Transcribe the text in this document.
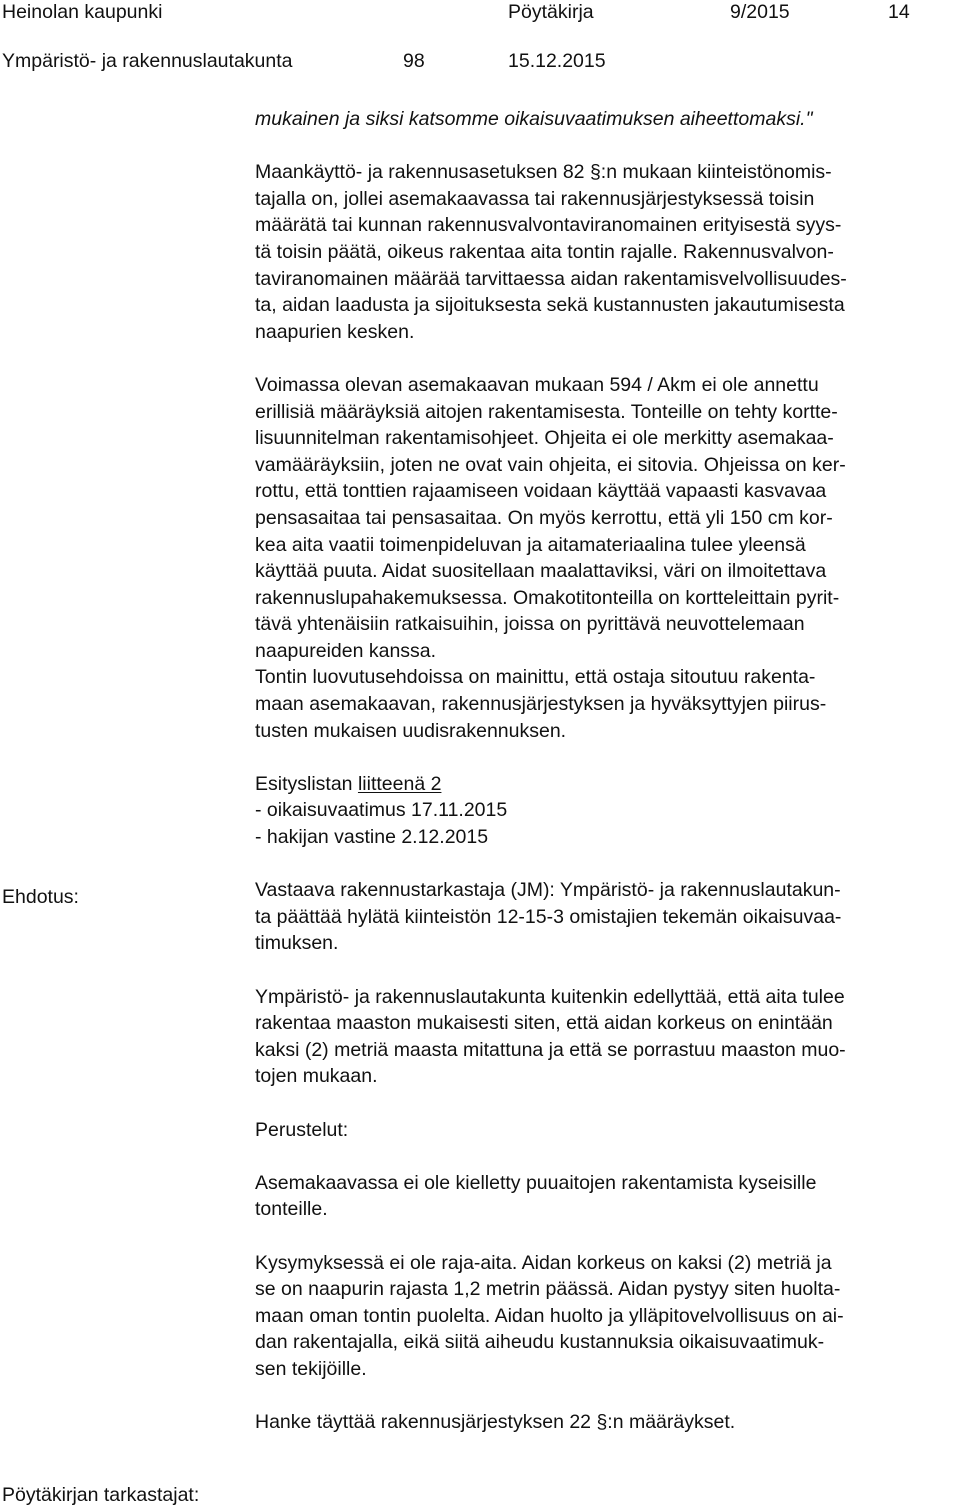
Heinolan kaupunki	Pöytäkirja	9/2015	14
Ympäristö- ja rakennuslautakunta	98	15.12.2015
Ehdotus:
Pöytäkirjan tarkastajat:
mukainen ja siksi katsomme oikaisuvaatimuksen aiheettomaksi."
Maankäyttö- ja rakennusasetuksen 82 §:n mukaan kiinteistönomis-
tajalla on, jollei asemakaavassa tai rakennusjärjestyksessä toisin
määrätä tai kunnan rakennusvalvontaviranomainen erityisestä syys-
tä toisin päätä, oikeus rakentaa aita tontin rajalle. Rakennusvalvon-
taviranomainen määrää tarvittaessa aidan rakentamisvelvollisuudes-
ta, aidan laadusta ja sijoituksesta sekä kustannusten jakautumisesta
naapurien kesken.
Voimassa olevan asemakaavan mukaan 594 / Akm ei ole annettu
erillisiä määräyksiä aitojen rakentamisesta. Tonteille on tehty kortte-
lisuunnitelman rakentamisohjeet. Ohjeita ei ole merkitty asemakaa-
vamääräyksiin, joten ne ovat vain ohjeita, ei sitovia. Ohjeissa on ker-
rottu, että tonttien rajaamiseen voidaan käyttää vapaasti kasvavaa
pensasaitaa tai pensasaitaa. On myös kerrottu, että yli 150 cm kor-
kea aita vaatii toimenpideluvan ja aitamateriaalina tulee yleensä
käyttää puuta. Aidat suositellaan maalattaviksi, väri on ilmoitettava
rakennuslupahakemuksessa. Omakotitonteilla on kortteleittain pyrit-
tävä yhtenäisiin ratkaisuihin, joissa on pyrittävä neuvottelemaan
naapureiden kanssa.
Tontin luovutusehdoissa on mainittu, että ostaja sitoutuu rakenta-
maan asemakaavan, rakennusjärjestyksen ja hyväksyttyjen piirus-
tusten mukaisen uudisrakennuksen.
Esityslistan liitteenä 2
- oikaisuvaatimus 17.11.2015
- hakijan vastine 2.12.2015
Vastaava rakennustarkastaja (JM): Ympäristö- ja rakennuslautakun-
ta päättää hylätä kiinteistön 12-15-3 omistajien tekemän oikaisuvaa-
timuksen.
Ympäristö- ja rakennuslautakunta kuitenkin edellyttää, että aita tulee
rakentaa maaston mukaisesti siten, että aidan korkeus on enintään
kaksi (2) metriä maasta mitattuna ja että se porrastuu maaston muo-
tojen mukaan.
Perustelut:
Asemakaavassa ei ole kielletty puuaitojen rakentamista kyseisille
tonteille.
Kysymyksessä ei ole raja-aita. Aidan korkeus on kaksi (2) metriä ja
se on naapurin rajasta 1,2 metrin päässä. Aidan pystyy siten huolta-
maan oman tontin puolelta. Aidan huolto ja ylläpitovelvollisuus on ai-
dan rakentajalla, eikä siitä aiheudu kustannuksia oikaisuvaatimuk-
sen tekijöille.
Hanke täyttää rakennusjärjestyksen 22 §:n määräykset.
